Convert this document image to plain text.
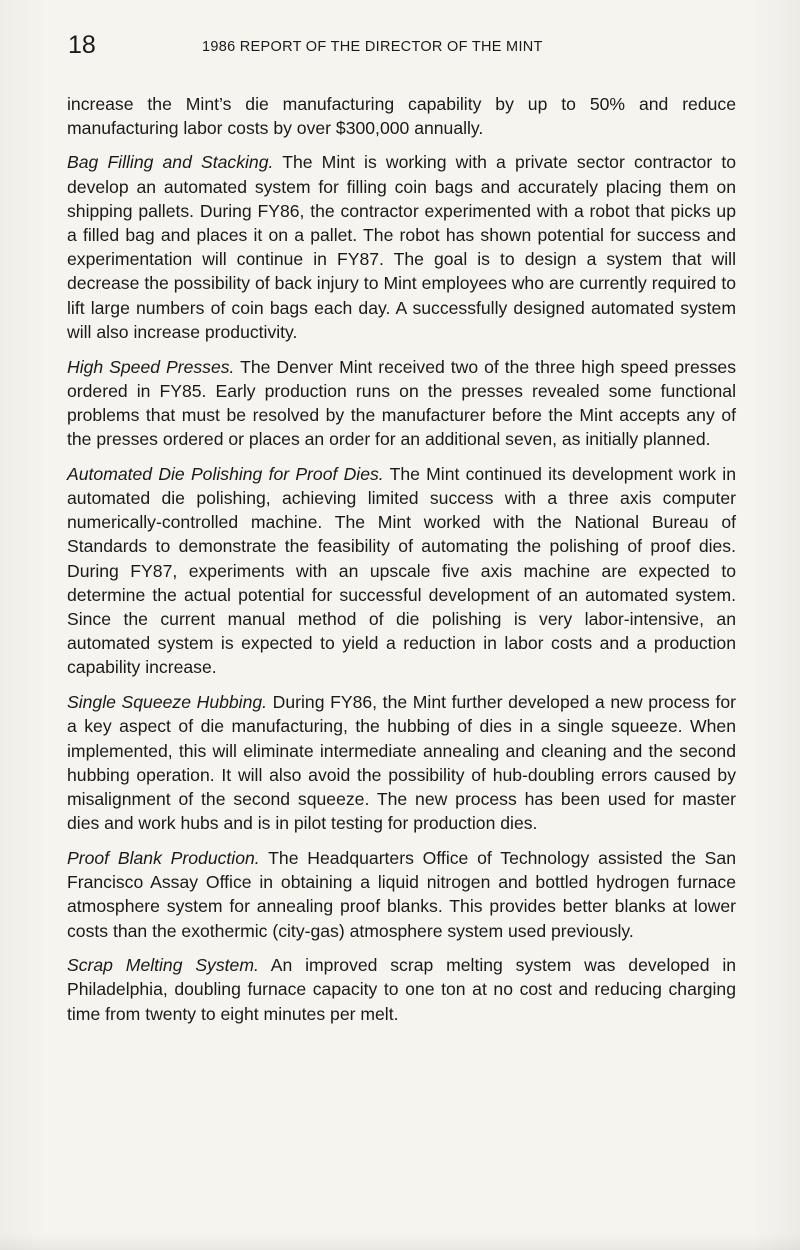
18	1986 REPORT OF THE DIRECTOR OF THE MINT

increase the Mint’s die manufacturing capability by up to 50% and reduce manufacturing labor costs by over $300,000 annually.

Bag Filling and Stacking. The Mint is working with a private sector contractor to develop an automated system for filling coin bags and accurately placing them on shipping pallets. During FY86, the contractor experimented with a robot that picks up a filled bag and places it on a pallet. The robot has shown potential for success and experimentation will continue in FY87. The goal is to design a system that will decrease the possibility of back injury to Mint employees who are currently required to lift large numbers of coin bags each day. A successfully designed automated system will also increase productivity.

High Speed Presses. The Denver Mint received two of the three high speed presses ordered in FY85. Early production runs on the presses revealed some functional problems that must be resolved by the manufacturer before the Mint accepts any of the presses ordered or places an order for an additional seven, as initially planned.

Automated Die Polishing for Proof Dies. The Mint continued its development work in automated die polishing, achieving limited success with a three axis computer numerically-controlled machine. The Mint worked with the National Bureau of Standards to demonstrate the feasibility of automating the polishing of proof dies. During FY87, experiments with an upscale five axis machine are expected to determine the actual potential for successful development of an automated system. Since the current manual method of die polishing is very labor-intensive, an automated system is expected to yield a reduction in labor costs and a production capability increase.

Single Squeeze Hubbing. During FY86, the Mint further developed a new process for a key aspect of die manufacturing, the hubbing of dies in a single squeeze. When implemented, this will eliminate intermediate annealing and cleaning and the second hubbing operation. It will also avoid the possibility of hub-doubling errors caused by misalignment of the second squeeze. The new process has been used for master dies and work hubs and is in pilot testing for production dies.

Proof Blank Production. The Headquarters Office of Technology assisted the San Francisco Assay Office in obtaining a liquid nitrogen and bottled hydrogen furnace atmosphere system for annealing proof blanks. This provides better blanks at lower costs than the exothermic (city-gas) atmosphere system used previously.

Scrap Melting System. An improved scrap melting system was developed in Philadelphia, doubling furnace capacity to one ton at no cost and reducing charging time from twenty to eight minutes per melt.
